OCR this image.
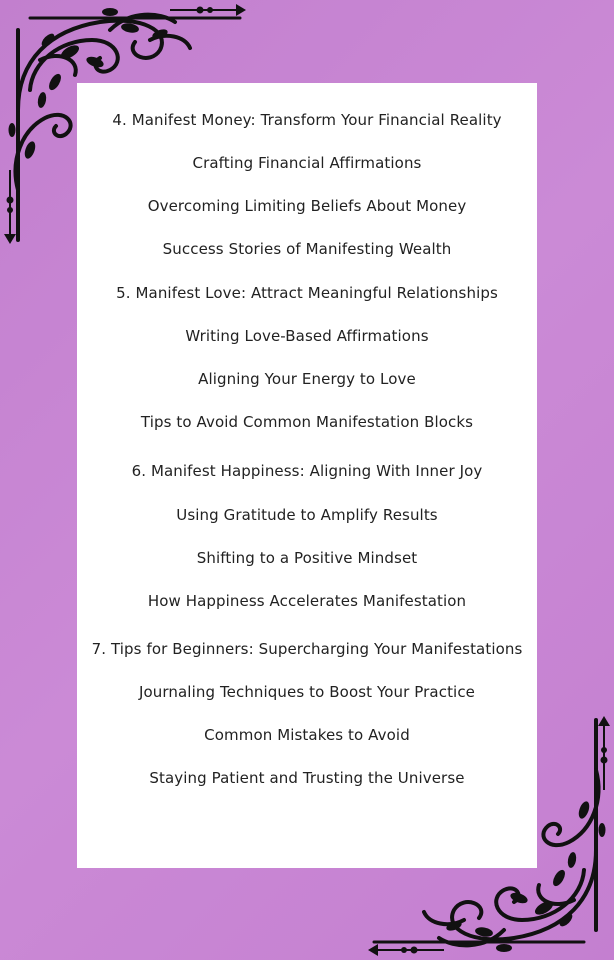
4. Manifest Money: Transform Your Financial Reality
Crafting Financial Affirmations
Overcoming Limiting Beliefs About Money
Success Stories of Manifesting Wealth
5. Manifest Love: Attract Meaningful Relationships
Writing Love-Based Affirmations
Aligning Your Energy to Love
Tips to Avoid Common Manifestation Blocks
6. Manifest Happiness: Aligning With Inner Joy
Using Gratitude to Amplify Results
Shifting to a Positive Mindset
How Happiness Accelerates Manifestation
7. Tips for Beginners: Supercharging Your Manifestations
Journaling Techniques to Boost Your Practice
Common Mistakes to Avoid
Staying Patient and Trusting the Universe
